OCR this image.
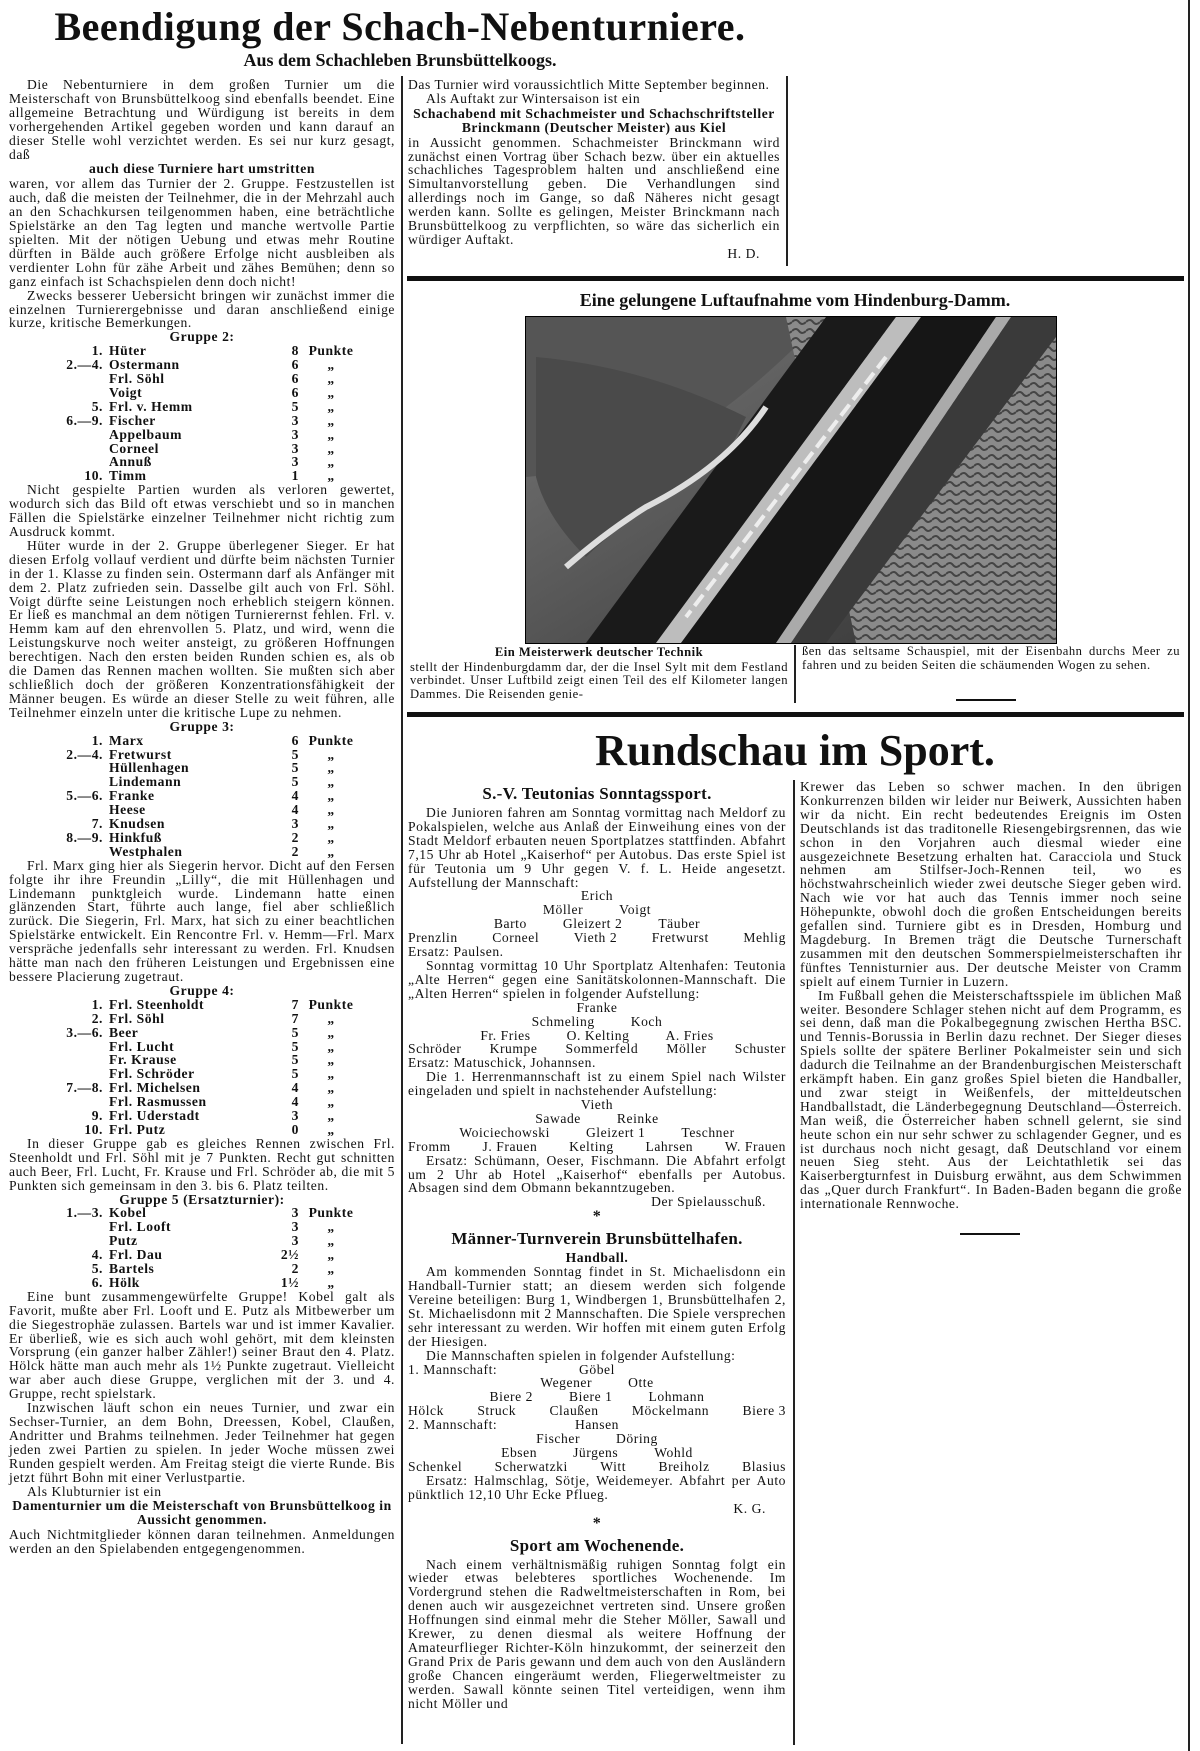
Beendigung der Schach-Nebenturniere.
Aus dem Schachleben Brunsbüttelkoogs.

Die Nebenturniere in dem großen Turnier um die Meisterschaft von Brunsbüttelkoog sind ebenfalls beendet. Eine allgemeine Betrachtung und Würdigung ist bereits in dem vorhergehenden Artikel gegeben worden und kann darauf an dieser Stelle wohl verzichtet werden. Es sei nur kurz gesagt, daß

auch diese Turniere hart umstritten

waren, vor allem das Turnier der 2. Gruppe. Festzustellen ist auch, daß die meisten der Teilnehmer, die in der Mehrzahl auch an den Schachkursen teilgenommen haben, eine beträchtliche Spielstärke an den Tag legten und manche wertvolle Partie spielten. Mit der nötigen Uebung und etwas mehr Routine dürften in Bälde auch größere Erfolge nicht ausbleiben als verdienter Lohn für zähe Arbeit und zähes Bemühen; denn so ganz einfach ist Schachspielen denn doch nicht!

Zwecks besserer Uebersicht bringen wir zunächst immer die einzelnen Turnierergebnisse und daran anschließend einige kurze, kritische Bemerkungen.

Gruppe 2:
1. Hüter	8 Punkte
2.—4. Ostermann	6	„
Frl. Söhl	6	„
Voigt	6	„
5. Frl. v. Hemm	5	„
6.—9. Fischer	3	„
Appelbaum	3	„
Corneel	3	„
Annuß	3	„
10. Timm	1	„

Nicht gespielte Partien wurden als verloren gewertet, wodurch sich das Bild oft etwas verschiebt und so in manchen Fällen die Spielstärke einzelner Teilnehmer nicht richtig zum Ausdruck kommt.

Hüter wurde in der 2. Gruppe überlegener Sieger. Er hat diesen Erfolg vollauf verdient und dürfte beim nächsten Turnier in der 1. Klasse zu finden sein. Ostermann darf als Anfänger mit dem 2. Platz zufrieden sein. Dasselbe gilt auch von Frl. Söhl. Voigt dürfte seine Leistungen noch erheblich steigern können. Er ließ es manchmal an dem nötigen Turnierernst fehlen. Frl. v. Hemm kam auf den ehrenvollen 5. Platz, und wird, wenn die Leistungskurve noch weiter ansteigt, zu größeren Hoffnungen berechtigen. Nach den ersten beiden Runden schien es, als ob die Damen das Rennen machen wollten. Sie mußten sich aber schließlich doch der größeren Konzentrationsfähigkeit der Männer beugen. Es würde an dieser Stelle zu weit führen, alle Teilnehmer einzeln unter die kritische Lupe zu nehmen.

Gruppe 3:
1. Marx	6 Punkte
2.—4. Fretwurst	5	„
Hüllenhagen	5	„
Lindemann	5	„
5.—6. Franke	4	„
Heese	4	„
7. Knudsen	3	„
8.—9. Hinkfuß	2	„
Westphalen	2	„

Frl. Marx ging hier als Siegerin hervor. Dicht auf den Fersen folgte ihr ihre Freundin „Lilly“, die mit Hüllenhagen und Lindemann punktgleich wurde. Lindemann hatte einen glänzenden Start, führte auch lange, fiel aber schließlich zurück. Die Siegerin, Frl. Marx, hat sich zu einer beachtlichen Spielstärke entwickelt. Ein Rencontre Frl. v. Hemm—Frl. Marx verspräche jedenfalls sehr interessant zu werden. Frl. Knudsen hätte man nach den früheren Leistungen und Ergebnissen eine bessere Placierung zugetraut.

Gruppe 4:
1. Frl. Steenholdt	7 Punkte
2. Frl. Söhl	7	„
3.—6. Beer	5	„
Frl. Lucht	5	„
Fr. Krause	5	„
Frl. Schröder	5	„
7.—8. Frl. Michelsen	4	„
Frl. Rasmussen	4	„
9. Frl. Uderstadt	3	„
10. Frl. Putz	0	„

In dieser Gruppe gab es gleiches Rennen zwischen Frl. Steenholdt und Frl. Söhl mit je 7 Punkten. Recht gut schnitten auch Beer, Frl. Lucht, Fr. Krause und Frl. Schröder ab, die mit 5 Punkten sich gemeinsam in den 3. bis 6. Platz teilten.

Gruppe 5 (Ersatzturnier):
1.—3. Kobel	3 Punkte
Frl. Looft	3	„
Putz	3	„
4. Frl. Dau	2½	„
5. Bartels	2	„
6. Hölk	1½	„

Eine bunt zusammengewürfelte Gruppe! Kobel galt als Favorit, mußte aber Frl. Looft und E. Putz als Mitbewerber um die Siegestrophäe zulassen. Bartels war und ist immer Kavalier. Er überließ, wie es sich auch wohl gehört, mit dem kleinsten Vorsprung (ein ganzer halber Zähler!) seiner Braut den 4. Platz. Hölck hätte man auch mehr als 1½ Punkte zugetraut. Vielleicht war aber auch diese Gruppe, verglichen mit der 3. und 4. Gruppe, recht spielstark.

Inzwischen läuft schon ein neues Turnier, und zwar ein Sechser-Turnier, an dem Bohn, Dreessen, Kobel, Claußen, Andritter und Brahms teilnehmen. Jeder Teilnehmer hat gegen jeden zwei Partien zu spielen. In jeder Woche müssen zwei Runden gespielt werden. Am Freitag steigt die vierte Runde. Bis jetzt führt Bohn mit einer Verlustpartie.

Als Klubturnier ist ein

Damenturnier um die Meisterschaft von Brunsbüttelkoog in Aussicht genommen.

Auch Nichtmitglieder können daran teilnehmen. Anmeldungen werden an den Spielabenden entgegengenommen.

Das Turnier wird voraussichtlich Mitte September beginnen.

Als Auftakt zur Wintersaison ist ein

Schachabend mit Schachmeister und Schachschriftsteller Brinckmann (Deutscher Meister) aus Kiel

in Aussicht genommen. Schachmeister Brinckmann wird zunächst einen Vortrag über Schach bezw. über ein aktuelles schachliches Tagesproblem halten und anschließend eine Simultanvorstellung geben. Die Verhandlungen sind allerdings noch im Gange, so daß Näheres nicht gesagt werden kann. Sollte es gelingen, Meister Brinckmann nach Brunsbüttelkoog zu verpflichten, so wäre das sicherlich ein würdiger Auftakt.

H. D.
Eine gelungene Luftaufnahme vom Hindenburg-Damm.
Ein Meisterwerk deutscher Technik
stellt der Hindenburgdamm dar, der die Insel Sylt mit dem Festland verbindet. Unser Luftbild zeigt einen Teil des elf Kilometer langen Dammes. Die Reisenden genie-
ßen das seltsame Schauspiel, mit der Eisenbahn durchs Meer zu fahren und zu beiden Seiten die schäumenden Wogen zu sehen.
Rundschau im Sport.
S.-V. Teutonias Sonntagssport.

Die Junioren fahren am Sonntag vormittag nach Meldorf zu Pokalspielen, welche aus Anlaß der Einweihung eines von der Stadt Meldorf erbauten neuen Sportplatzes stattfinden. Abfahrt 7,15 Uhr ab Hotel „Kaiserhof“ per Autobus. Das erste Spiel ist für Teutonia um 9 Uhr gegen V. f. L. Heide angesetzt. Aufstellung der Mannschaft:

Erich
Möller	Voigt
Barto	Gleizert 2	Täuber
Prenzlin	Corneel	Vieth 2	Fretwurst	Mehlig

Ersatz: Paulsen.

Sonntag vormittag 10 Uhr Sportplatz Altenhafen: Teutonia „Alte Herren“ gegen eine Sanitätskolonnen-Mannschaft. Die „Alten Herren“ spielen in folgender Aufstellung:

Franke
Schmeling	Koch
Fr. Fries	O. Kelting	A. Fries
Schröder Krumpe Sommerfeld Möller Schuster

Ersatz: Matuschick, Johannsen.

Die 1. Herrenmannschaft ist zu einem Spiel nach Wilster eingeladen und spielt in nachstehender Aufstellung:

Vieth
Sawade	Reinke
Woiciechowski	Gleizert 1	Teschner
Fromm J. Frauen Kelting Lahrsen W. Frauen

Ersatz: Schümann, Oeser, Fischmann. Die Abfahrt erfolgt um 2 Uhr ab Hotel „Kaiserhof“ ebenfalls per Autobus. Absagen sind dem Obmann bekanntzugeben.

Der Spielausschuß.
*
Männer-Turnverein Brunsbüttelhafen.
Handball.

Am kommenden Sonntag findet in St. Michaelisdonn ein Handball-Turnier statt; an diesem werden sich folgende Vereine beteiligen: Burg 1, Windbergen 1, Brunsbüttelhafen 2, St. Michaelisdonn mit 2 Mannschaften. Die Spiele versprechen sehr interessant zu werden. Wir hoffen mit einem guten Erfolg der Hiesigen.

Die Mannschaften spielen in folgender Aufstellung:

1. Mannschaft:	Göbel
Wegener	Otte
Biere 2	Biere 1	Lohmann
Hölck Struck Claußen Möckelmann Biere 3
2. Mannschaft:	Hansen
Fischer	Döring
Ebsen	Jürgens	Wohld
Schenkel Scherwatzki Witt Breiholz Blasius

Ersatz: Halmschlag, Sötje, Weidemeyer. Abfahrt per Auto pünktlich 12,10 Uhr Ecke Pflueg.

K. G.
*
Sport am Wochenende.

Nach einem verhältnismäßig ruhigen Sonntag folgt ein wieder etwas belebteres sportliches Wochenende. Im Vordergrund stehen die Radweltmeisterschaften in Rom, bei denen auch wir ausgezeichnet vertreten sind. Unsere großen Hoffnungen sind einmal mehr die Steher Möller, Sawall und Krewer, zu denen diesmal als weitere Hoffnung der Amateurflieger Richter-Köln hinzukommt, der seinerzeit den Grand Prix de Paris gewann und dem auch von den Ausländern große Chancen eingeräumt werden, Fliegerweltmeister zu werden. Sawall könnte seinen Titel verteidigen, wenn ihm nicht Möller und

Krewer das Leben so schwer machen. In den übrigen Konkurrenzen bilden wir leider nur Beiwerk, Aussichten haben wir da nicht. Ein recht bedeutendes Ereignis im Osten Deutschlands ist das traditonelle Riesengebirgsrennen, das wie schon in den Vorjahren auch diesmal wieder eine ausgezeichnete Besetzung erhalten hat. Caracciola und Stuck nehmen am Stilfser-Joch-Rennen teil, wo es höchstwahrscheinlich wieder zwei deutsche Sieger geben wird. Nach wie vor hat auch das Tennis immer noch seine Höhepunkte, obwohl doch die großen Entscheidungen bereits gefallen sind. Turniere gibt es in Dresden, Homburg und Magdeburg. In Bremen trägt die Deutsche Turnerschaft zusammen mit den deutschen Sommerspielmeisterschaften ihr fünftes Tennisturnier aus. Der deutsche Meister von Cramm spielt auf einem Turnier in Luzern.

Im Fußball gehen die Meisterschaftsspiele im üblichen Maß weiter. Besondere Schlager stehen nicht auf dem Programm, es sei denn, daß man die Pokalbegegnung zwischen Hertha BSC. und Tennis-Borussia in Berlin dazu rechnet. Der Sieger dieses Spiels sollte der spätere Berliner Pokalmeister sein und sich dadurch die Teilnahme an der Brandenburgischen Meisterschaft erkämpft haben. Ein ganz großes Spiel bieten die Handballer, und zwar steigt in Weißenfels, der mitteldeutschen Handballstadt, die Länderbegegnung Deutschland—Österreich. Man weiß, die Österreicher haben schnell gelernt, sie sind heute schon ein nur sehr schwer zu schlagender Gegner, und es ist durchaus noch nicht gesagt, daß Deutschland vor einem neuen Sieg steht. Aus der Leichtathletik sei das Kaiserbergturnfest in Duisburg erwähnt, aus dem Schwimmen das „Quer durch Frankfurt“. In Baden-Baden begann die große internationale Rennwoche.
